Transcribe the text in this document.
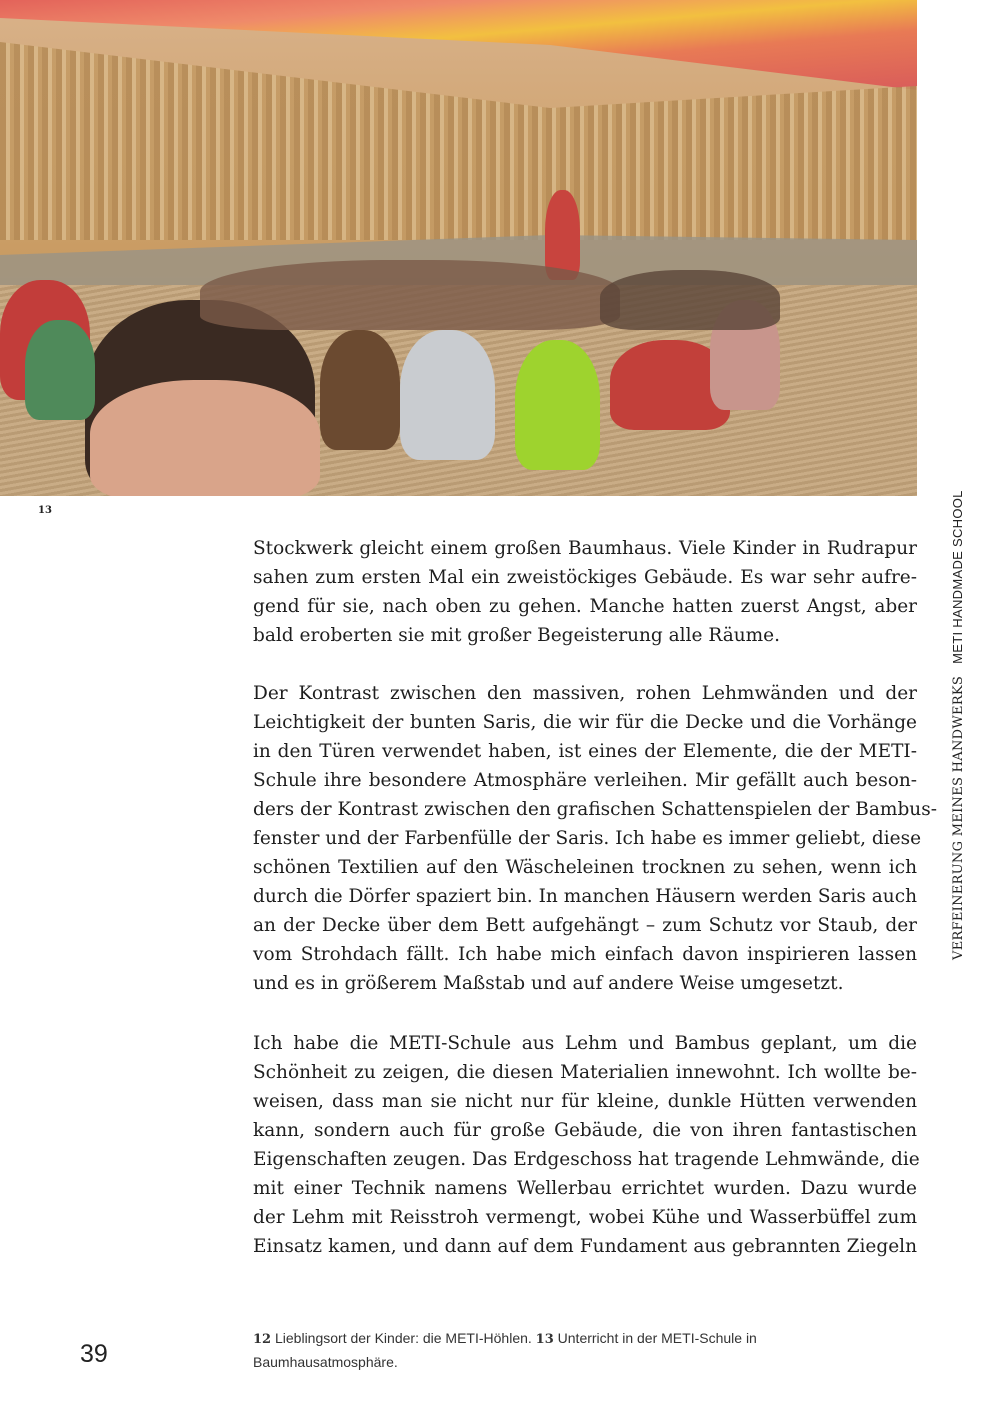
13
Stockwerk gleicht einem großen Baumhaus. Viele Kinder in Rudrapur
sahen zum ersten Mal ein zweistöckiges Gebäude. Es war sehr aufre-
gend für sie, nach oben zu gehen. Manche hatten zuerst Angst, aber
bald eroberten sie mit großer Begeisterung alle Räume.
Der Kontrast zwischen den massiven, rohen Lehmwänden und der
Leichtigkeit der bunten Saris, die wir für die Decke und die Vorhänge
in den Türen verwendet haben, ist eines der Elemente, die der METI-
Schule ihre besondere Atmosphäre verleihen. Mir gefällt auch beson-
ders der Kontrast zwischen den grafischen Schattenspielen der Bambus-
fenster und der Farbenfülle der Saris. Ich habe es immer geliebt, diese
schönen Textilien auf den Wäscheleinen trocknen zu sehen, wenn ich
durch die Dörfer spaziert bin. In manchen Häusern werden Saris auch
an der Decke über dem Bett aufgehängt – zum Schutz vor Staub, der
vom Strohdach fällt. Ich habe mich einfach davon inspirieren lassen
und es in größerem Maßstab und auf andere Weise umgesetzt.
Ich habe die METI-Schule aus Lehm und Bambus geplant, um die
Schönheit zu zeigen, die diesen Materialien innewohnt. Ich wollte be-
weisen, dass man sie nicht nur für kleine, dunkle Hütten verwenden
kann, sondern auch für große Gebäude, die von ihren fantastischen
Eigenschaften zeugen. Das Erdgeschoss hat tragende Lehmwände, die
mit einer Technik namens Wellerbau errichtet wurden. Dazu wurde
der Lehm mit Reisstroh vermengt, wobei Kühe und Wasserbüffel zum
Einsatz kamen, und dann auf dem Fundament aus gebrannten Ziegeln
VERFEINERUNG MEINES HANDWERKSMETI HANDMADE SCHOOL
39
12 Lieblingsort der Kinder: die METI-Höhlen. 13 Unterricht in der METI-Schule in Baumhausatmosphäre.
